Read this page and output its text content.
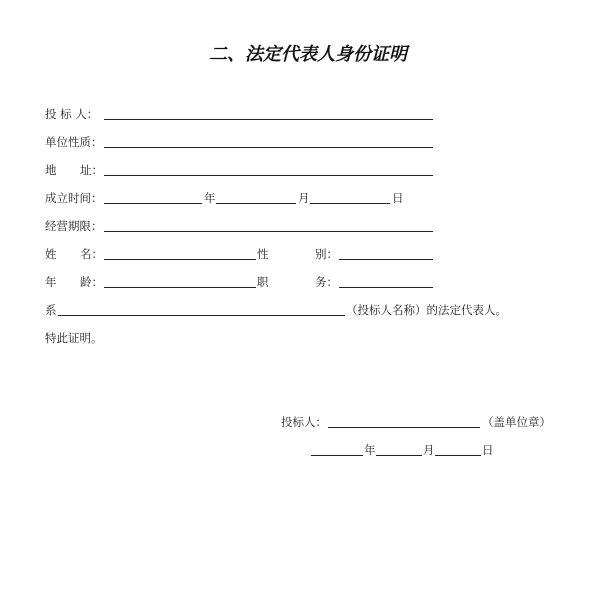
二、法定代表人身份证明
投 标 人：
单位性质：
地 址：
成立时间：	年	月	日
经营期限：
姓 名：	性	别：
年 龄：	职	务：
系	（投标人名称）的法定代表人。
特此证明。
投标人：	（盖单位章）
年	月	日
